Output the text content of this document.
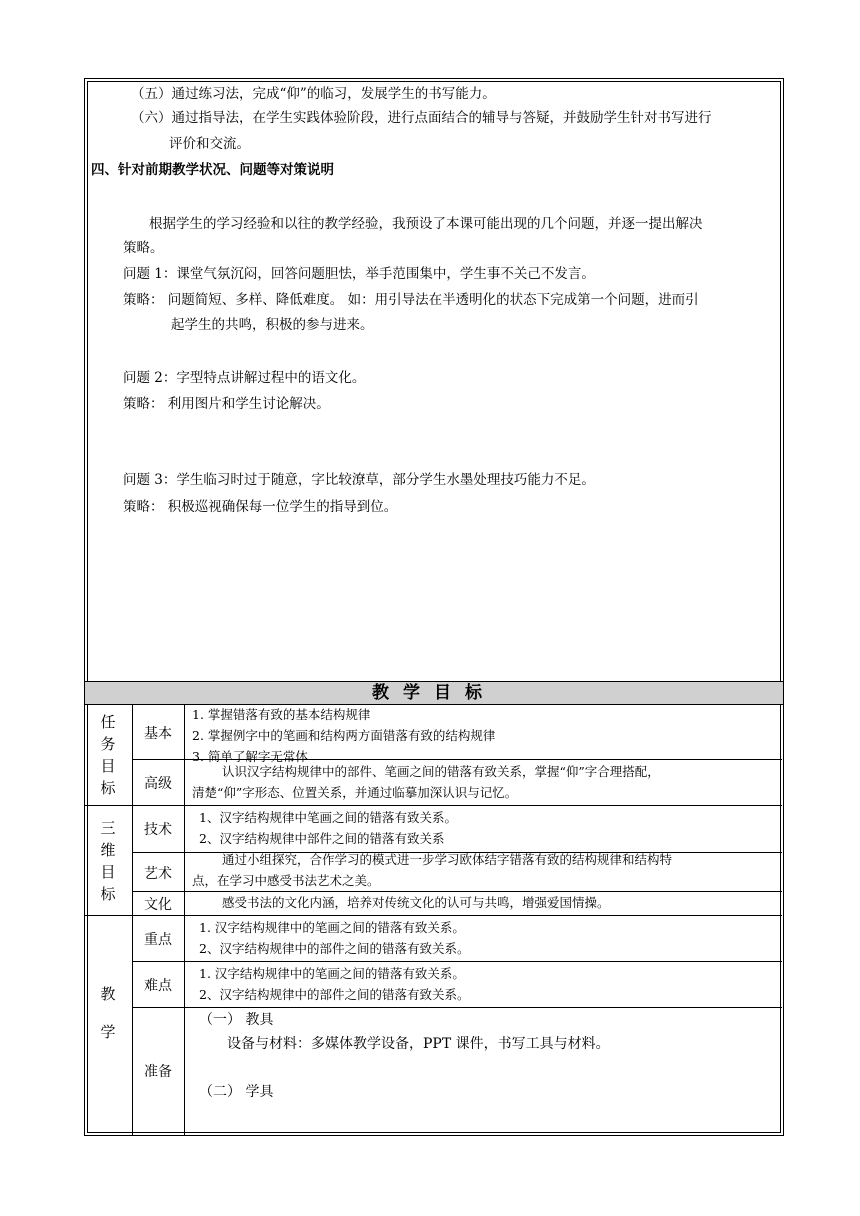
（五）通过练习法，完成“仰”的临习，发展学生的书写能力。
（六）通过指导法，在学生实践体验阶段，进行点面结合的辅导与答疑，并鼓励学生针对书写进行
评价和交流。
四、针对前期教学状况、问题等对策说明
根据学生的学习经验和以往的教学经验，我预设了本课可能出现的几个问题，并逐一提出解决
策略。
问题 1：课堂气氛沉闷，回答问题胆怯，举手范围集中，学生事不关己不发言。
策略： 问题简短、多样、降低难度。 如：用引导法在半透明化的状态下完成第一个问题，进而引
起学生的共鸣，积极的参与进来。
问题 2：字型特点讲解过程中的语文化。
策略： 利用图片和学生讨论解决。
问题 3：学生临习时过于随意，字比较潦草，部分学生水墨处理技巧能力不足。
策略： 积极巡视确保每一位学生的指导到位。
教学目标
任
务
目
标
三
维
目
标
教
学
基本
高级
技术
艺术
文化
重点
难点
准备
1. 掌握错落有致的基本结构规律
2. 掌握例字中的笔画和结构两方面错落有致的结构规律
3. 简单了解字无常体
认识汉字结构规律中的部件、笔画之间的错落有致关系，掌握“仰”字合理搭配，
清楚“仰”字形态、位置关系，并通过临摹加深认识与记忆。
1、汉字结构规律中笔画之间的错落有致关系。
2、汉字结构规律中部件之间的错落有致关系
通过小组探究，合作学习的模式进一步学习欧体结字错落有致的结构规律和结构特
点，在学习中感受书法艺术之美。
感受书法的文化内涵，培养对传统文化的认可与共鸣，增强爱国情操。
1. 汉字结构规律中的笔画之间的错落有致关系。
2、汉字结构规律中的部件之间的错落有致关系。
1. 汉字结构规律中的笔画之间的错落有致关系。
2、汉字结构规律中的部件之间的错落有致关系。
（一） 教具
设备与材料：多媒体教学设备，PPT 课件，书写工具与材料。
（二） 学具
